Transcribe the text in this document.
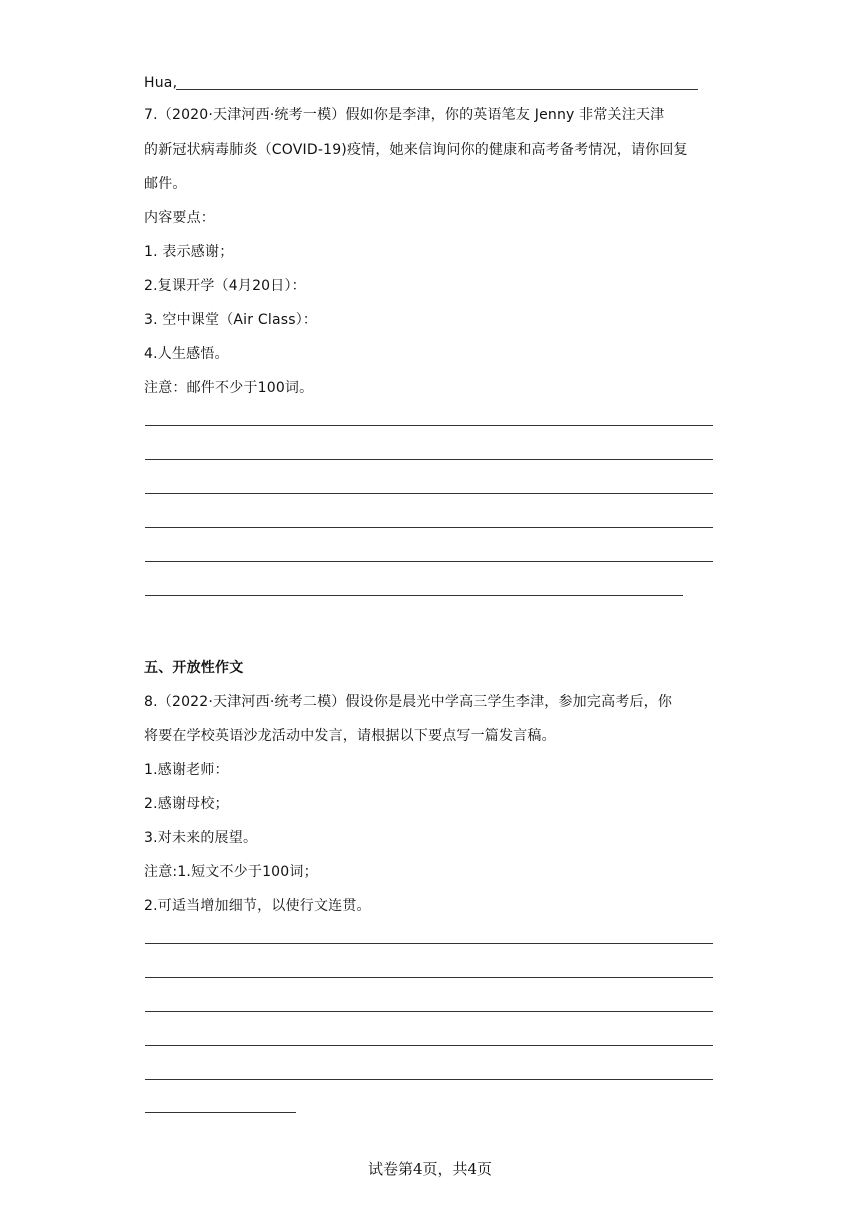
Hua,
7.（2020·天津河西·统考一模）假如你是李津，你的英语笔友 Jenny 非常关注天津
的新冠状病毒肺炎（COVID-19)疫情，她来信询问你的健康和高考备考情况，请你回复
邮件。
内容要点：
1. 表示感谢；
2.复课开学（4月20日）：
3. 空中课堂（Air Class）：
4.人生感悟。
注意：邮件不少于100词。
五、开放性作文
8.（2022·天津河西·统考二模）假设你是晨光中学高三学生李津，参加完高考后，你
将要在学校英语沙龙活动中发言，请根据以下要点写一篇发言稿。
1.感谢老师：
2.感谢母校；
3.对未来的展望。
注意:1.短文不少于100词；
2.可适当增加细节，以使行文连贯。
试卷第4页，共4页
